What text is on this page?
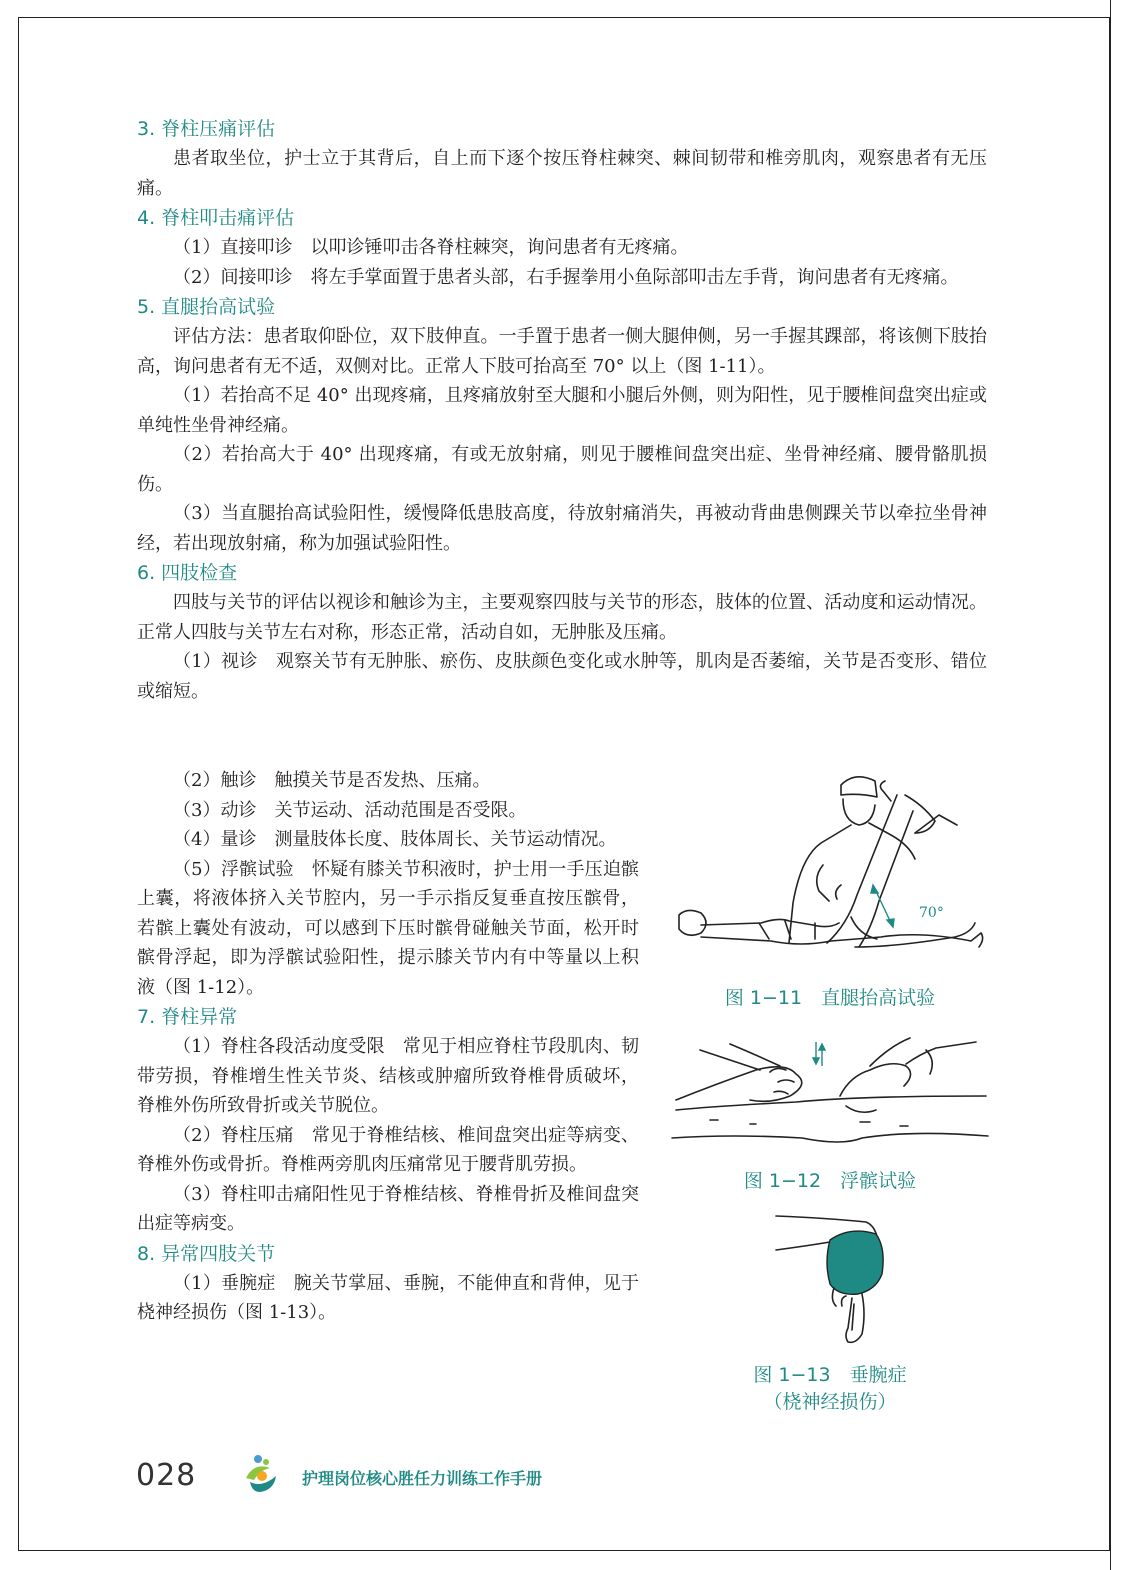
3. 脊柱压痛评估

患者取坐位，护士立于其背后，自上而下逐个按压脊柱棘突、棘间韧带和椎旁肌肉，观察患者有无压痛。

4. 脊柱叩击痛评估

（1）直接叩诊　以叩诊锤叩击各脊柱棘突，询问患者有无疼痛。

（2）间接叩诊　将左手掌面置于患者头部，右手握拳用小鱼际部叩击左手背，询问患者有无疼痛。

5. 直腿抬高试验

评估方法：患者取仰卧位，双下肢伸直。一手置于患者一侧大腿伸侧，另一手握其踝部，将该侧下肢抬高，询问患者有无不适，双侧对比。正常人下肢可抬高至 70° 以上（图 1-11）。

（1）若抬高不足 40° 出现疼痛，且疼痛放射至大腿和小腿后外侧，则为阳性，见于腰椎间盘突出症或单纯性坐骨神经痛。

（2）若抬高大于 40° 出现疼痛，有或无放射痛，则见于腰椎间盘突出症、坐骨神经痛、腰骨骼肌损伤。

（3）当直腿抬高试验阳性，缓慢降低患肢高度，待放射痛消失，再被动背曲患侧踝关节以牵拉坐骨神经，若出现放射痛，称为加强试验阳性。

6. 四肢检查

四肢与关节的评估以视诊和触诊为主，主要观察四肢与关节的形态，肢体的位置、活动度和运动情况。正常人四肢与关节左右对称，形态正常，活动自如，无肿胀及压痛。

（1）视诊　观察关节有无肿胀、瘀伤、皮肤颜色变化或水肿等，肌肉是否萎缩，关节是否变形、错位或缩短。

（2）触诊　触摸关节是否发热、压痛。

（3）动诊　关节运动、活动范围是否受限。

（4）量诊　测量肢体长度、肢体周长、关节运动情况。

（5）浮髌试验　怀疑有膝关节积液时，护士用一手压迫髌上囊，将液体挤入关节腔内，另一手示指反复垂直按压髌骨，若髌上囊处有波动，可以感到下压时髌骨碰触关节面，松开时髌骨浮起，即为浮髌试验阳性，提示膝关节内有中等量以上积液（图 1-12）。

7. 脊柱异常

（1）脊柱各段活动度受限　常见于相应脊柱节段肌肉、韧带劳损，脊椎增生性关节炎、结核或肿瘤所致脊椎骨质破坏，脊椎外伤所致骨折或关节脱位。

（2）脊柱压痛　常见于脊椎结核、椎间盘突出症等病变、脊椎外伤或骨折。脊椎两旁肌肉压痛常见于腰背肌劳损。

（3）脊柱叩击痛阳性见于脊椎结核、脊椎骨折及椎间盘突出症等病变。

8. 异常四肢关节

（1）垂腕症　腕关节掌屈、垂腕，不能伸直和背伸，见于桡神经损伤（图 1-13）。

70°
图 1−11　直腿抬高试验
图 1−12　浮髌试验
图 1−13　垂腕症
（桡神经损伤）
028	护理岗位核心胜任力训练工作手册
